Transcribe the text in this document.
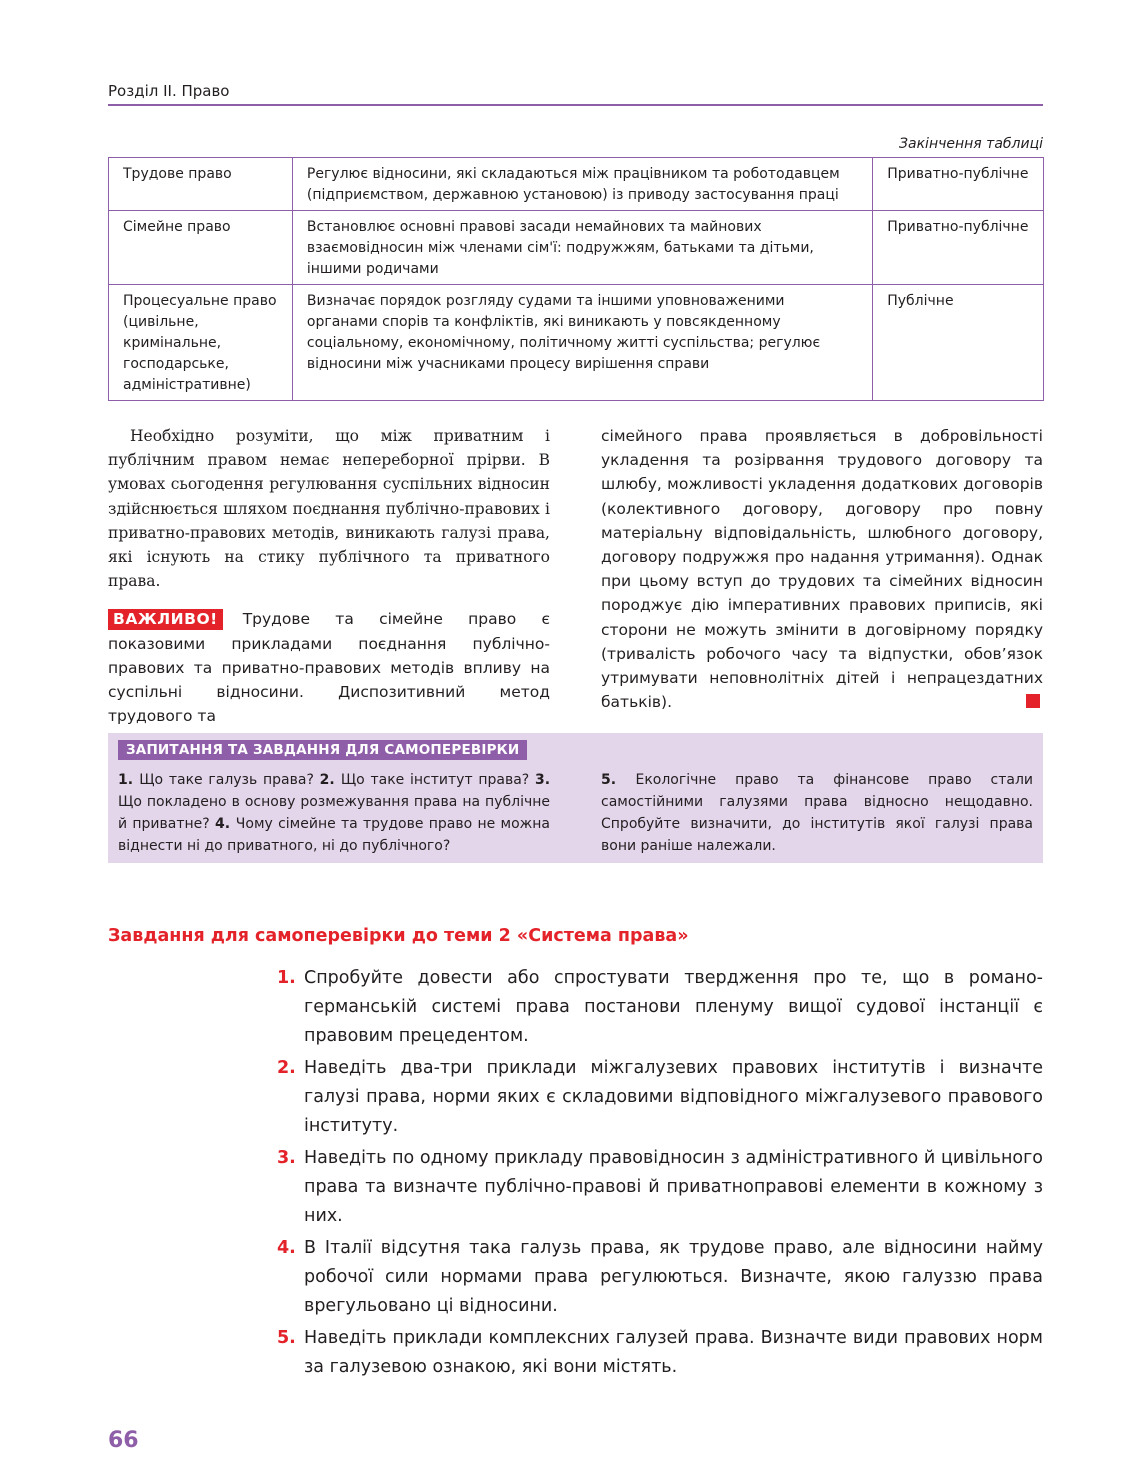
Розділ ІІ. Право
Закінчення таблиці
Трудове право	Регулює відносини, які складаються між працівником та роботодавцем (підприємством, державною установою) із приводу застосування праці	Приватно-публічне
Сімейне право	Встановлює основні правові засади немайнових та майнових взаємовідносин між членами сім'ї: подружжям, батьками та дітьми, іншими родичами	Приватно-публічне
Процесуальне право (цивільне, кримінальне, господарське, адміністративне)	Визначає порядок розгляду судами та іншими уповноваженими органами спорів та конфліктів, які виникають у повсякденному соціальному, економічному, політичному житті суспільства; регулює відносини між учасниками процесу вирішення справи	Публічне

Необхідно розуміти, що між приватним і публічним правом немає непереборної прірви. В умовах сьогодення регулювання суспільних відносин здійснюється шляхом поєднання публічно-правових і приватно-правових методів, виникають галузі права, які існують на стику публічного та приватного права.

ВАЖЛИВО! Трудове та сімейне право є показовими прикладами поєднання публічно-правових та приватно-правових методів впливу на суспільні відносини. Диспозитивний метод трудового та

сімейного права проявляється в добровільності укладення та розірвання трудового договору та шлюбу, можливості укладення додаткових договорів (колективного договору, договору про повну матеріальну відповідальність, шлюбного договору, договору подружжя про надання утримання). Однак при цьому вступ до трудових та сімейних відносин породжує дію імперативних правових приписів, які сторони не можуть змінити в договірному порядку (тривалість робочого часу та відпустки, обов’язок утримувати неповнолітніх дітей і непрацездатних батьків).

ЗАПИТАННЯ ТА ЗАВДАННЯ ДЛЯ САМОПЕРЕВІРКИ
1. Що таке галузь права? 2. Що таке інститут права? 3. Що покладено в основу розмежування права на публічне й приватне? 4. Чому сімейне та трудове право не можна віднести ні до приватного, ні до публічного?
5. Екологічне право та фінансове право стали самостійними галузями права відносно нещодавно. Спробуйте визначити, до інститутів якої галузі права вони раніше належали.
Завдання для самоперевірки до теми 2 «Система права»
1. Спробуйте довести або спростувати твердження про те, що в романо-германській системі права постанови пленуму вищої судової інстанції є правовим прецедентом.
2. Наведіть два-три приклади міжгалузевих правових інститутів і визначте галузі права, норми яких є складовими відповідного міжгалузевого правового інституту.
3. Наведіть по одному прикладу правовідносин з адміністративного й цивільного права та визначте публічно-правові й приватноправові елементи в кожному з них.
4. В Італії відсутня така галузь права, як трудове право, але відносини найму робочої сили нормами права регулюються. Визначте, якою галуззю права врегульовано ці відносини.
5. Наведіть приклади комплексних галузей права. Визначте види правових норм за галузевою ознакою, які вони містять.
66
